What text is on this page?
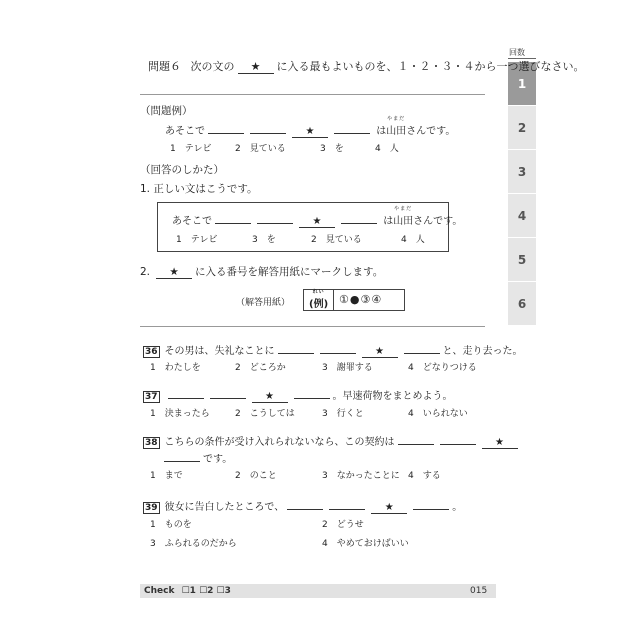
回数
1
2
3
4
5
6
問題６ 次の文の ★ に入る最もよいものを、１・２・３・４から一つ選びなさい。
（問題例）
あそこで	★	は
やまだ
山田さんです。
1　テレビ	2　見ている	3　を	4　人
（回答のしかた）
1. 正しい文はこうです。
あそこで	★	は
やまだ
山田さんです。
1　テレビ	3　を	2　見ている	4　人
2. ★ に入る番号を解答用紙にマークします。
（解答用紙）
れい
(例) ①●③④
36 その男は、失礼なことに	★	と、走り去った。
1　わたしを	2　どころか	3　謝罪する	4　どなりつける
37	★	。早速荷物をまとめよう。
1　決まったら	2　こうしては	3　行くと	4　いられない
38 こちらの条件が受け入れられないなら、この契約は	★
です。
1　まで	2　のこと	3　なかったことに 4　する
39 彼女に告白したところで、	★	。
1　ものを	2　どうせ
3　ふられるのだから	4　やめておけばいい
Check ☐1 ☐2 ☐3	015
